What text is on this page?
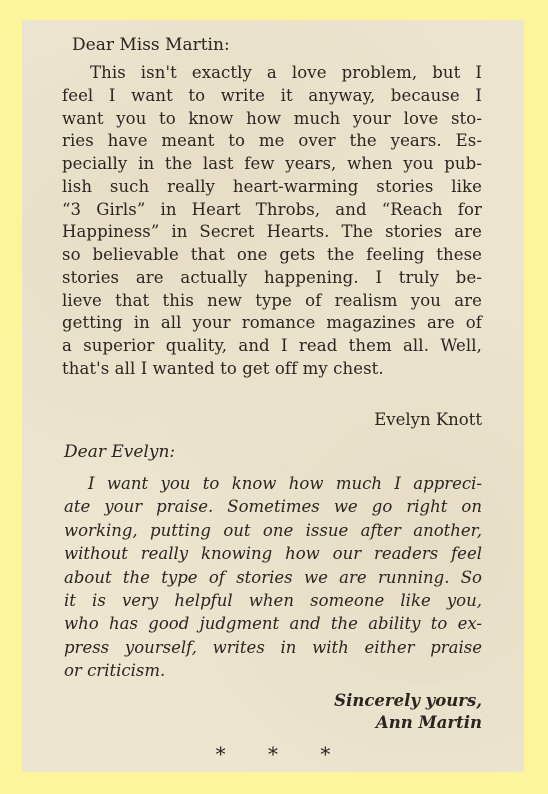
Dear Miss Martin:

This isn't exactly a love problem, but I
feel I want to write it anyway, because I
want you to know how much your love sto-
ries have meant to me over the years. Es-
pecially in the last few years, when you pub-
lish such really heart-warming stories like
“3 Girls” in Heart Throbs, and “Reach for
Happiness” in Secret Hearts. The stories are
so believable that one gets the feeling these
stories are actually happening. I truly be-
lieve that this new type of realism you are
getting in all your romance magazines are of
a superior quality, and I read them all. Well,
that's all I wanted to get off my chest.

Evelyn Knott

Dear Evelyn:

I want you to know how much I appreci-
ate your praise. Sometimes we go right on
working, putting out one issue after another,
without really knowing how our readers feel
about the type of stories we are running. So
it is very helpful when someone like you,
who has good judgment and the ability to ex-
press yourself, writes in with either praise
or criticism.
Sincerely yours,
Ann Martin
* * *
